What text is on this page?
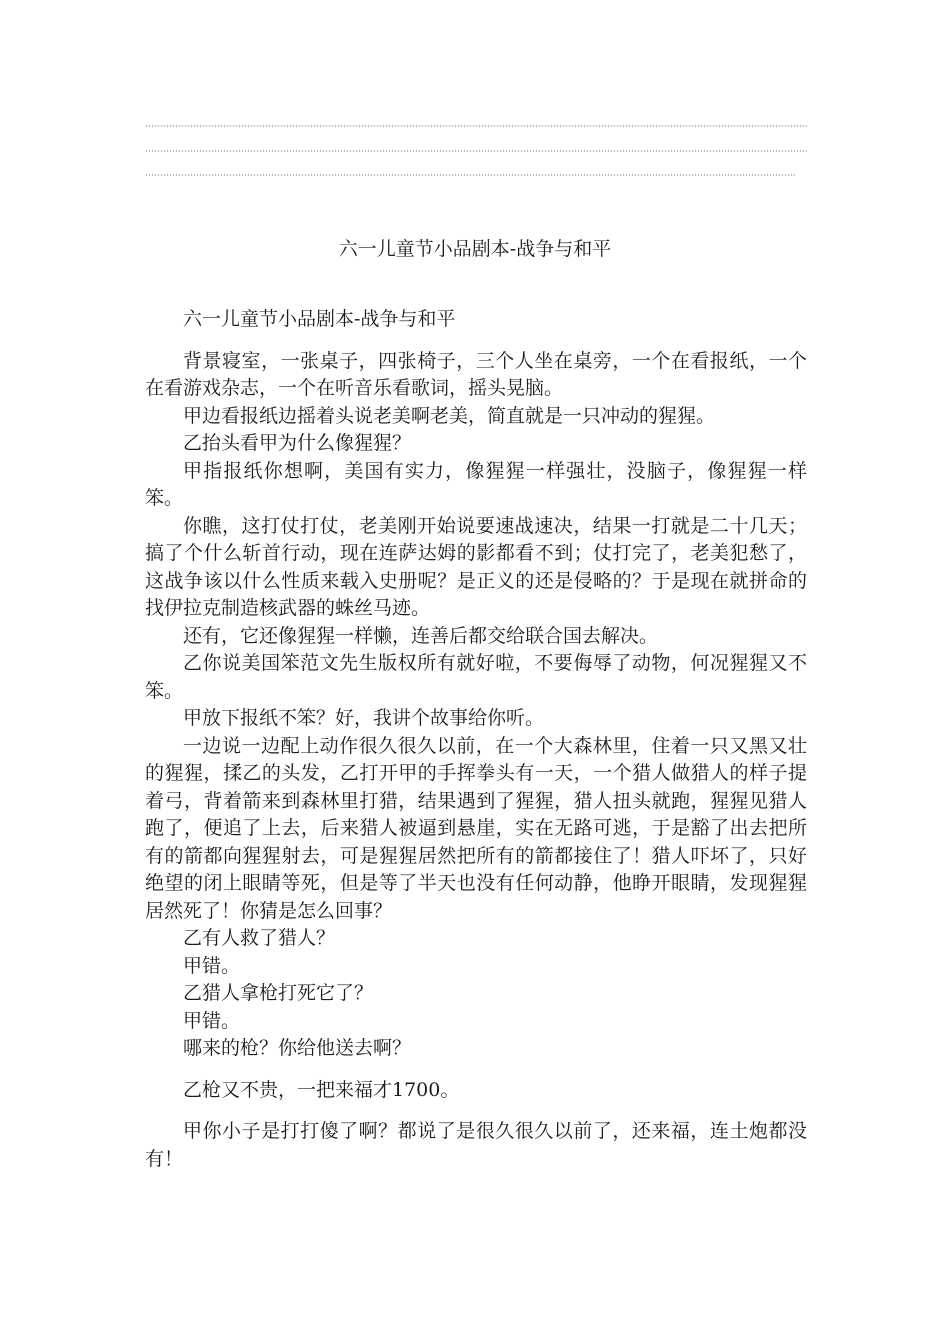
六一儿童节小品剧本-战争与和平

六一儿童节小品剧本-战争与和平

背景寝室，一张桌子，四张椅子，三个人坐在桌旁，一个在看报纸，一个在看游戏杂志，一个在听音乐看歌词，摇头晃脑。

甲边看报纸边摇着头说老美啊老美，简直就是一只冲动的猩猩。

乙抬头看甲为什么像猩猩？

甲指报纸你想啊，美国有实力，像猩猩一样强壮，没脑子，像猩猩一样笨。

你瞧，这打仗打仗，老美刚开始说要速战速决，结果一打就是二十几天；搞了个什么斩首行动，现在连萨达姆的影都看不到；仗打完了，老美犯愁了，这战争该以什么性质来载入史册呢？是正义的还是侵略的？于是现在就拼命的找伊拉克制造核武器的蛛丝马迹。

还有，它还像猩猩一样懒，连善后都交给联合国去解决。

乙你说美国笨范文先生版权所有就好啦，不要侮辱了动物，何况猩猩又不笨。

甲放下报纸不笨？好，我讲个故事给你听。

一边说一边配上动作很久很久以前，在一个大森林里，住着一只又黑又壮的猩猩，揉乙的头发，乙打开甲的手挥拳头有一天，一个猎人做猎人的样子提着弓，背着箭来到森林里打猎，结果遇到了猩猩，猎人扭头就跑，猩猩见猎人跑了，便追了上去，后来猎人被逼到悬崖，实在无路可逃，于是豁了出去把所有的箭都向猩猩射去，可是猩猩居然把所有的箭都接住了！猎人吓坏了，只好绝望的闭上眼睛等死，但是等了半天也没有任何动静，他睁开眼睛，发现猩猩居然死了！你猜是怎么回事？

乙有人救了猎人？

甲错。

乙猎人拿枪打死它了？

甲错。

哪来的枪？你给他送去啊？

乙枪又不贵，一把来福才1700。

甲你小子是打打傻了啊？都说了是很久很久以前了，还来福，连土炮都没有！
